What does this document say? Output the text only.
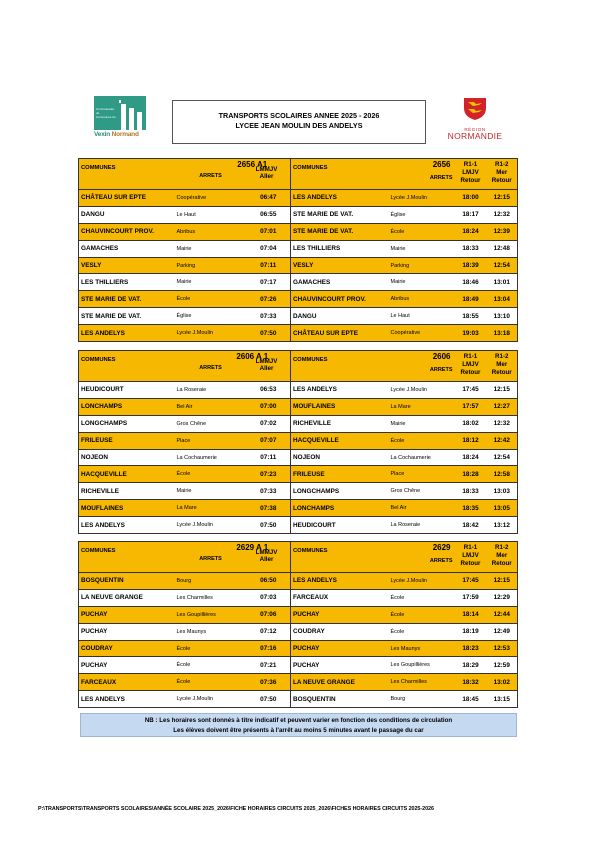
Communauté
de
Communes du
Vexin Normand
TRANSPORTS SCOLAIRES ANNEE 2025 - 2026
LYCEE JEAN MOULIN DES ANDELYS	RÉGION
NORMANDIE
COMMUNES	2656 A1
ARRETS
LMMJV
Aller		COMMUNES	2656
ARRETS	R1-1
LMJV
Retour	R1-2
Mer
Retour

CHÂTEAU SUR EPTE	Coopérative	06:47	LES ANDELYS	Lycée J.Moulin	18:00	12:15
DANGU	Le Haut	06:55	STE MARIE DE VAT.	Église	18:17	12:32
CHAUVINCOURT PROV.	Abribus	07:01	STE MARIE DE VAT.	École	18:24	12:39
GAMACHES	Mairie	07:04	LES THILLIERS	Mairie	18:33	12:48
VESLY	Parking	07:11	VESLY	Parking	18:39	12:54
LES THILLIERS	Mairie	07:17	GAMACHES	Mairie	18:46	13:01
STE MARIE DE VAT.	École	07:26	CHAUVINCOURT PROV.	Abribus	18:49	13:04
STE MARIE DE VAT.	Église	07:33	DANGU	Le Haut	18:55	13:10
LES ANDELYS	Lycée J.Moulin	07:50	CHÂTEAU SUR EPTE	Coopérative	19:03	13:18
COMMUNES	2606 A 1
ARRETS
LMMJV
Aller		COMMUNES	2606
ARRETS	R1-1
LMJV
Retour	R1-2
Mer
Retour

HEUDICOURT	La Roseraie	06:53	LES ANDELYS	Lycée J.Moulin	17:45	12:15
LONCHAMPS	Bel Air	07:00	MOUFLAINES	La Mare	17:57	12:27
LONGCHAMPS	Gros Chêne	07:02	RICHEVILLE	Mairie	18:02	12:32
FRILEUSE	Place	07:07	HACQUEVILLE	École	18:12	12:42
NOJEON	La Cochaumerie	07:11	NOJEON	La Cochaumerie	18:24	12:54
HACQUEVILLE	École	07:23	FRILEUSE	Place	18:28	12:58
RICHEVILLE	Mairie	07:33	LONGCHAMPS	Gros Chêne	18:33	13:03
MOUFLAINES	La Mare	07:38	LONCHAMPS	Bel Air	18:35	13:05
LES ANDELYS	Lycée J.Moulin	07:50	HEUDICOURT	La Roseraie	18:42	13:12
COMMUNES	2629 A 1
ARRETS
LMMJV
Aller		COMMUNES	2629
ARRETS	R1-1
LMJV
Retour	R1-2
Mer
Retour

BOSQUENTIN	Bourg	06:50	LES ANDELYS	Lycée J.Moulin	17:45	12:15
LA NEUVE GRANGE	Les Charmilles	07:03	FARCEAUX	École	17:59	12:29
PUCHAY	Les Goupillières	07:06	PUCHAY	École	18:14	12:44
PUCHAY	Les Maunys	07:12	COUDRAY	École	18:19	12:49
COUDRAY	École	07:16	PUCHAY	Les Maunys	18:23	12:53
PUCHAY	École	07:21	PUCHAY	Les Goupillières	18:29	12:59
FARCEAUX	École	07:36	LA NEUVE GRANGE	Les Charmilles	18:32	13:02
LES ANDELYS	Lycée J.Moulin	07:50	BOSQUENTIN	Bourg	18:45	13:15
NB : Les horaires sont donnés à titre indicatif et peuvent varier en fonction des conditions de circulation
Les élèves doivent être présents à l'arrêt au moins 5 minutes avant le passage du car
P:\TRANSPORTS\TRANSPORTS SCOLAIRES\ANNÉE SCOLAIRE 2025_2026\FICHE HORAIRES CIRCUITS 2025_2026\FICHES HORAIRES CIRCUITS 2025-2026
